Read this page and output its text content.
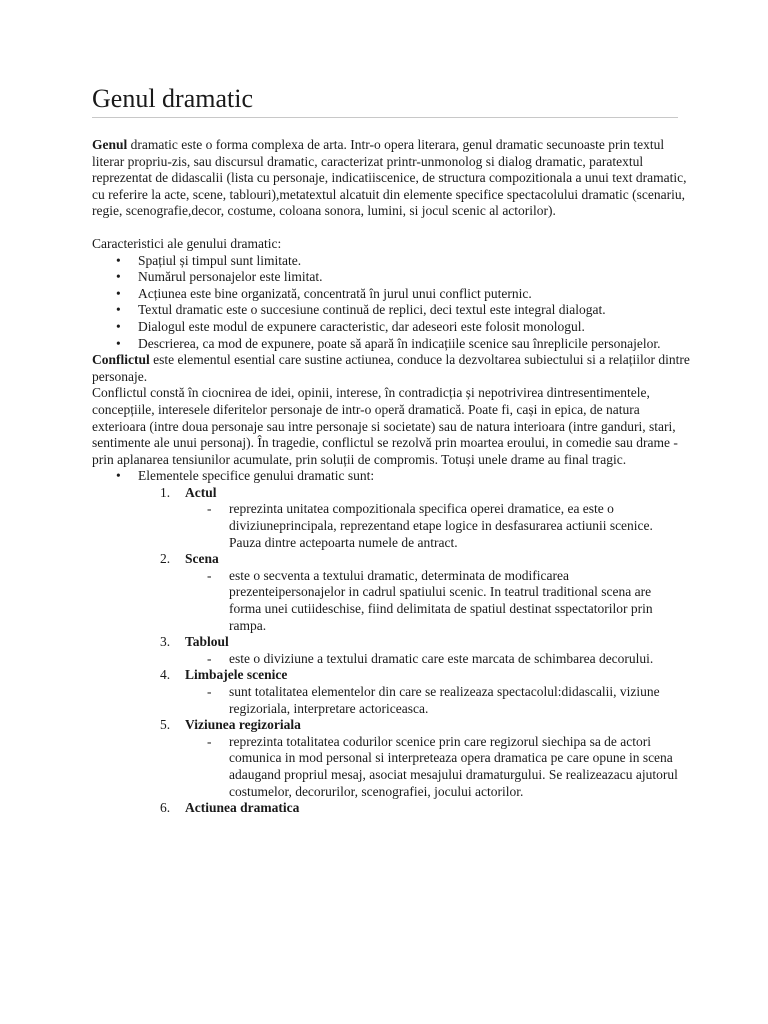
Genul dramatic

Genul dramatic este o forma complexa de arta. Intr-o opera literara, genul dramatic secunoaste prin textul literar propriu-zis, sau discursul dramatic, caracterizat printr-unmonolog si dialog dramatic, paratextul reprezentat de didascalii (lista cu personaje, indicatiiscenice, de structura compozitionala a unui text dramatic, cu referire la acte, scene, tablouri),metatextul alcatuit din elemente specifice spectacolului dramatic (scenariu, regie, scenografie,decor, costume, coloana sonora, lumini, si jocul scenic al actorilor).

Caracteristici ale genului dramatic:

• Spațiul și timpul sunt limitate.
• Numărul personajelor este limitat.
• Acțiunea este bine organizată, concentrată în jurul unui conflict puternic.
• Textul dramatic este o succesiune continuă de replici, deci textul este integral dialogat.
• Dialogul este modul de expunere caracteristic, dar adeseori este folosit monologul.
• Descrierea, ca mod de expunere, poate să apară în indicațiile scenice sau înreplicile personajelor.

Conflictul este elementul esential care sustine actiunea, conduce la dezvoltarea subiectului si a relațiilor dintre personaje.

Conflictul constă în ciocnirea de idei, opinii, interese, în contradicția și nepotrivirea dintresentimentele, concepțiile, interesele diferitelor personaje de intr-o operă dramatică. Poate fi, cași in epica, de natura exterioara (intre doua personaje sau intre personaje si societate) sau de natura interioara (intre ganduri, stari, sentimente ale unui personaj). În tragedie, conflictul se rezolvă prin moartea eroului, in comedie sau drame - prin aplanarea tensiunilor acumulate, prin soluții de compromis. Totuși unele drame au final tragic.

• Elementele specifice genului dramatic sunt:
1. Actul
- reprezinta unitatea compozitionala specifica operei dramatice, ea este o diviziuneprincipala, reprezentand etape logice in desfasurarea actiunii scenice. Pauza dintre actepoarta numele de antract.
2. Scena
- este o secventa a textului dramatic, determinata de modificarea prezenteipersonajelor in cadrul spatiului scenic. In teatrul traditional scena are forma unei cutiideschise, fiind delimitata de spatiul destinat sspectatorilor prin rampa.
3. Tabloul
- este o diviziune a textului dramatic care este marcata de schimbarea decorului.
4. Limbajele scenice
- sunt totalitatea elementelor din care se realizeaza spectacolul:didascalii, viziune regizoriala, interpretare actoriceasca.
5. Viziunea regizoriala
- reprezinta totalitatea codurilor scenice prin care regizorul siechipa sa de actori comunica in mod personal si interpreteaza opera dramatica pe care opune in scena adaugand propriul mesaj, asociat mesajului dramaturgului. Se realizeazacu ajutorul costumelor, decorurilor, scenografiei, jocului actorilor.
6. Actiunea dramatica
